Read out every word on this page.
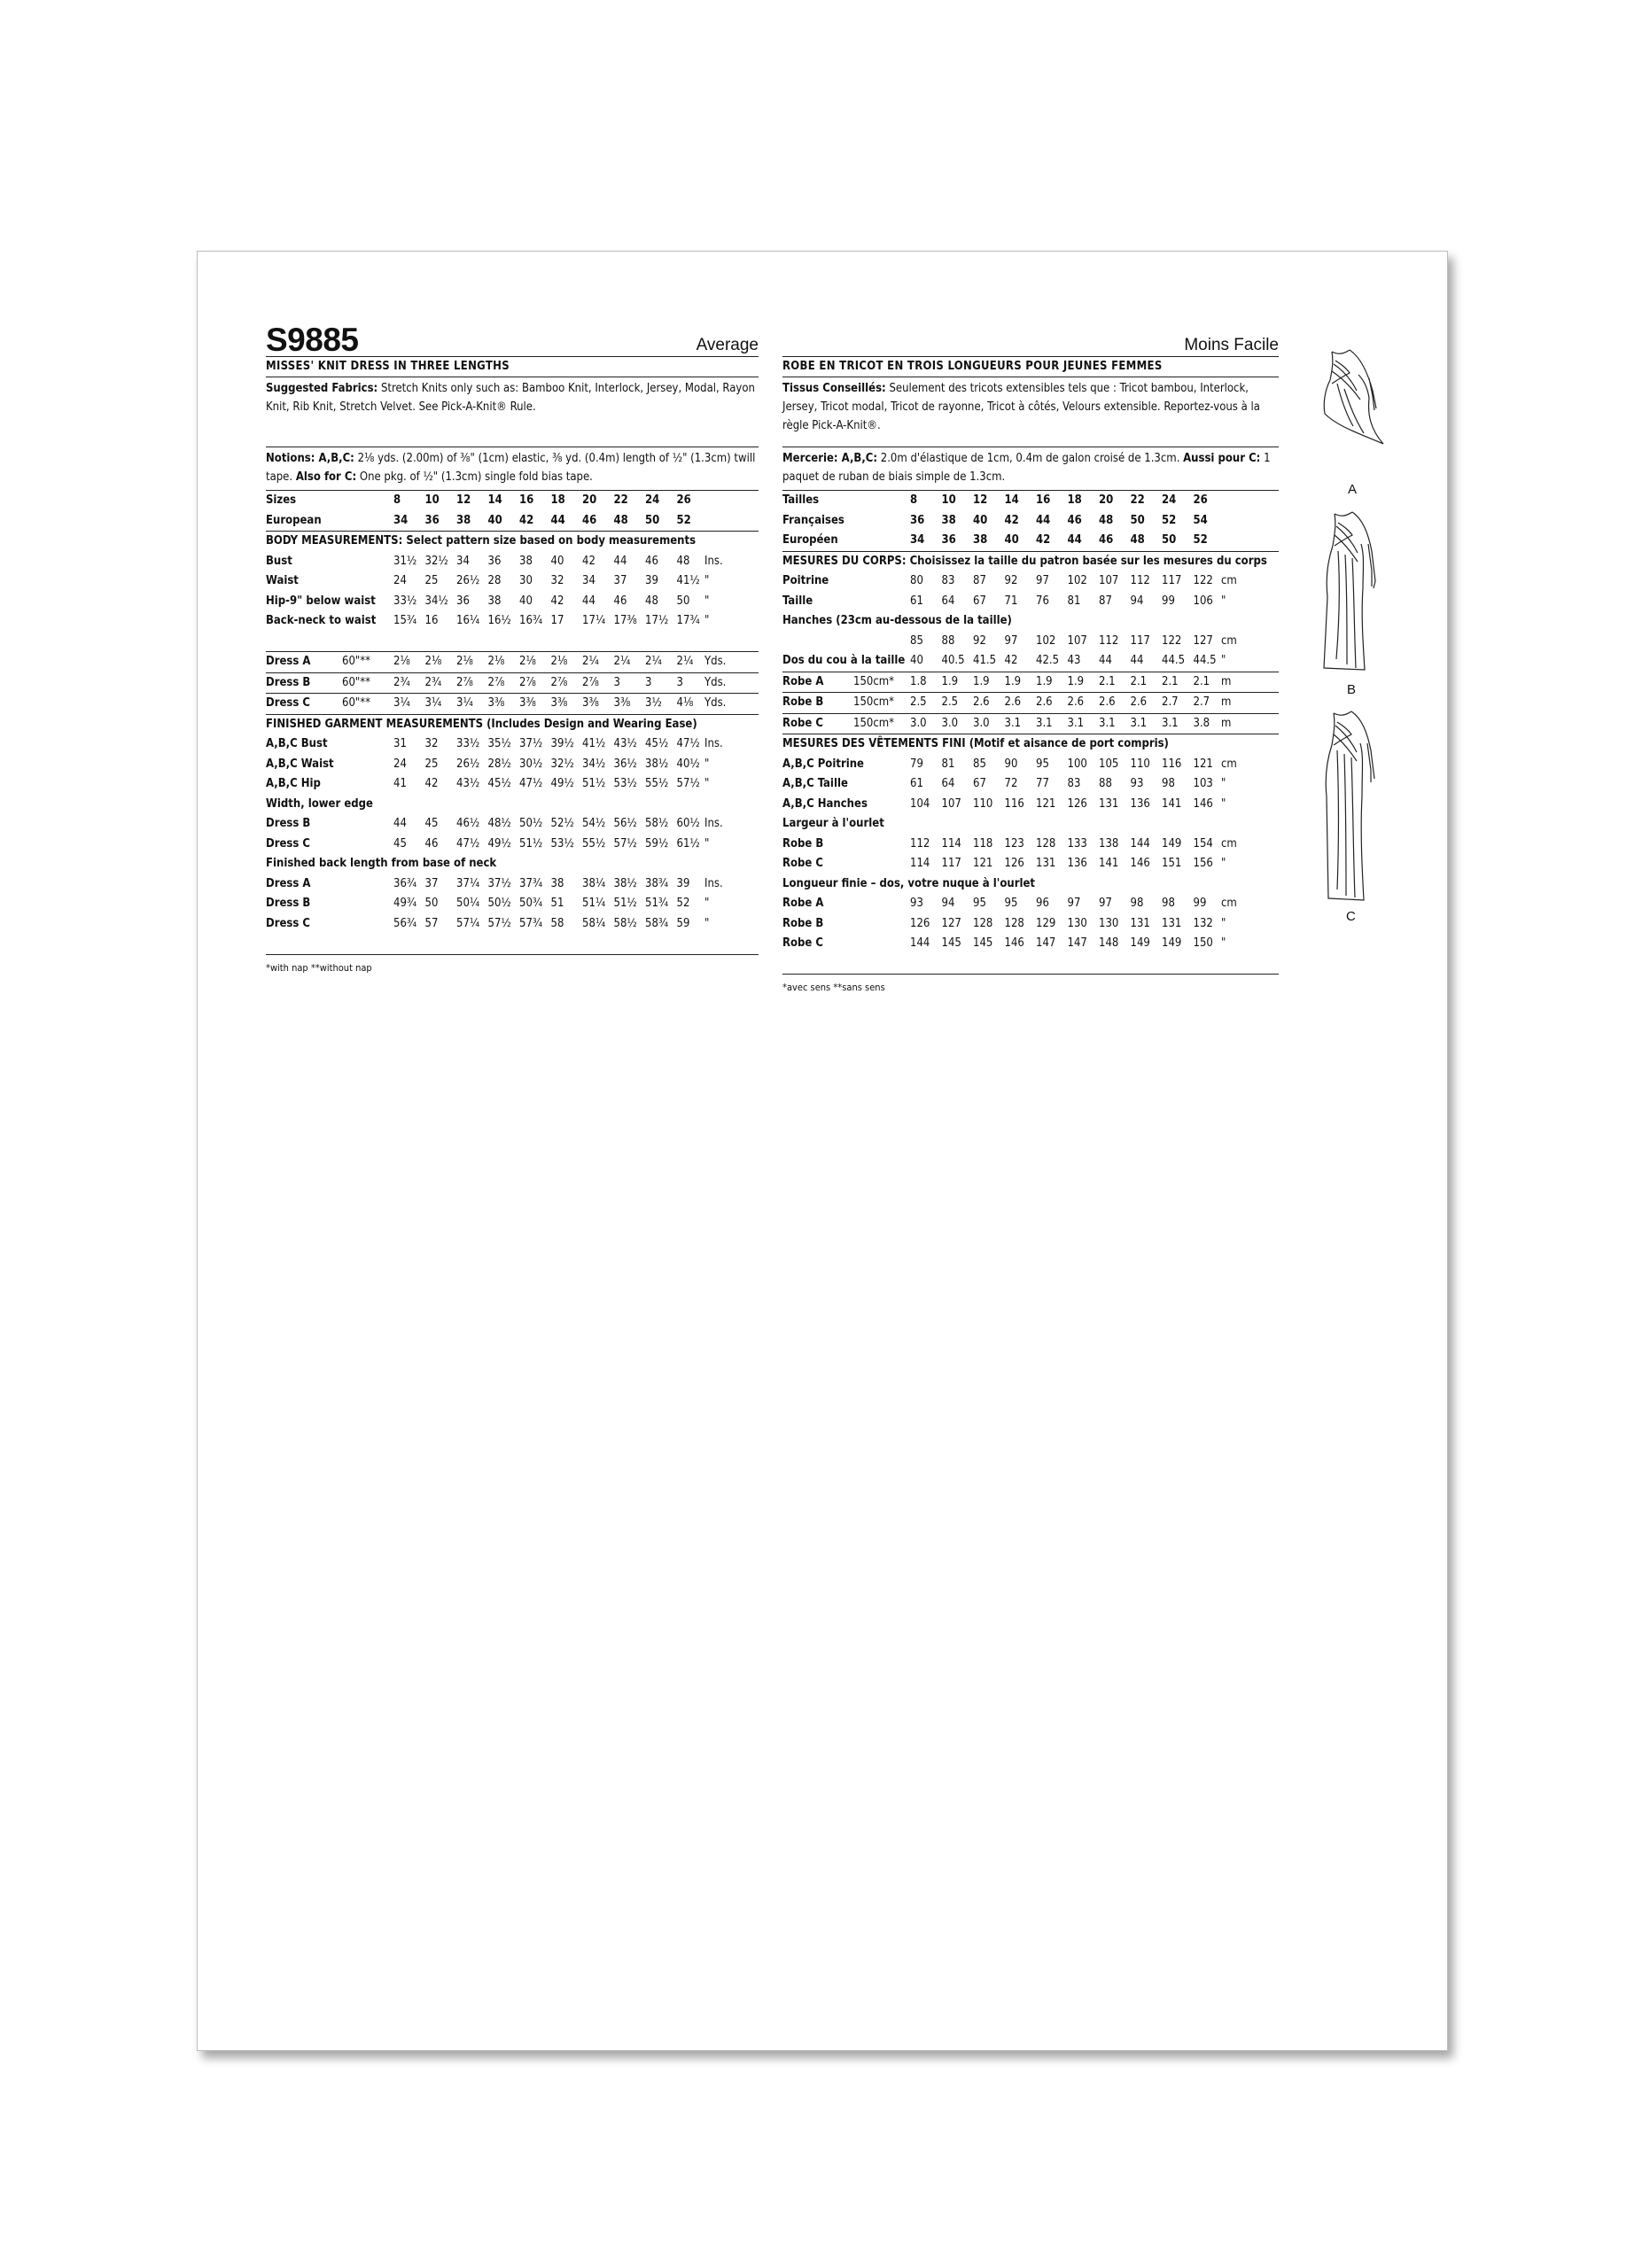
S9885	Average
MISSES' KNIT DRESS IN THREE LENGTHS
Suggested Fabrics: Stretch Knits only such as: Bamboo Knit, Interlock, Jersey, Modal, Rayon Knit, Rib Knit, Stretch Velvet. See Pick-A-Knit® Rule.
Notions: A,B,C: 2⅛ yds. (2.00m) of ⅜" (1cm) elastic, ⅜ yd. (0.4m) length of ½" (1.3cm) twill tape. Also for C: One pkg. of ½" (1.3cm) single fold bias tape.
Sizes	8 10 12 14 16 18 20 22 24 26
European	34 36 38 40 42 44 46 48 50 52
BODY MEASUREMENTS: Select pattern size based on body measurements
Bust	31½ 32½ 34 36 38 40 42 44 46 48 Ins.
Waist	24 25 26½ 28 30 32 34 37 39 41½ "
Hip-9" below waist 33½ 34½ 36 38 40 42 44 46 48 50 "
Back-neck to waist 15¾ 16 16¼ 16½ 16¾ 17 17¼ 17⅜ 17½ 17¾ "
Dress A	60"** 2⅛ 2⅛ 2⅛ 2⅛ 2⅛ 2⅛ 2¼ 2¼ 2¼ 2¼ Yds.
Dress B	60"** 2¾ 2¾ 2⅞ 2⅞ 2⅞ 2⅞ 2⅞ 3 3 3 Yds.
Dress C	60"** 3¼ 3¼ 3¼ 3⅜ 3⅜ 3⅜ 3⅜ 3⅜ 3½ 4⅛ Yds.
FINISHED GARMENT MEASUREMENTS (Includes Design and Wearing Ease)
A,B,C Bust	31 32 33½ 35½ 37½ 39½ 41½ 43½ 45½ 47½ Ins.
A,B,C Waist	24 25 26½ 28½ 30½ 32½ 34½ 36½ 38½ 40½ "
A,B,C Hip	41 42 43½ 45½ 47½ 49½ 51½ 53½ 55½ 57½ "
Width, lower edge
Dress B	44 45 46½ 48½ 50½ 52½ 54½ 56½ 58½ 60½ Ins.
Dress C	45 46 47½ 49½ 51½ 53½ 55½ 57½ 59½ 61½ "
Finished back length from base of neck
Dress A	36¾ 37 37¼ 37½ 37¾ 38 38¼ 38½ 38¾ 39 Ins.
Dress B	49¾ 50 50¼ 50½ 50¾ 51 51¼ 51½ 51¾ 52 "
Dress C	56¾ 57 57¼ 57½ 57¾ 58 58¼ 58½ 58¾ 59 "
*with nap **without nap
Moins Facile
ROBE EN TRICOT EN TROIS LONGUEURS POUR JEUNES FEMMES
Tissus Conseillés: Seulement des tricots extensibles tels que : Tricot bambou, Interlock, Jersey, Tricot modal, Tricot de rayonne, Tricot à côtés, Velours extensible. Reportez-vous à la règle Pick-A-Knit®.
Mercerie: A,B,C: 2.0m d'élastique de 1cm, 0.4m de galon croisé de 1.3cm. Aussi pour C: 1 paquet de ruban de biais simple de 1.3cm.
Tailles	8 10 12 14 16 18 20 22 24 26
Françaises	36 38 40 42 44 46 48 50 52 54
Européen	34 36 38 40 42 44 46 48 50 52
MESURES DU CORPS: Choisissez la taille du patron basée sur les mesures du corps
Poitrine	80 83 87 92 97 102 107 112 117 122 cm
Taille	61 64 67 71 76 81 87 94 99 106 "
Hanches (23cm au-dessous de la taille)
85 88 92 97 102 107 112 117 122 127 cm
Dos du cou à la taille 40 40.5 41.5 42 42.5 43 44 44 44.5 44.5 "
Robe A	150cm* 1.8 1.9 1.9 1.9 1.9 1.9 2.1 2.1 2.1 2.1 m
Robe B	150cm* 2.5 2.5 2.6 2.6 2.6 2.6 2.6 2.6 2.7 2.7 m
Robe C	150cm* 3.0 3.0 3.0 3.1 3.1 3.1 3.1 3.1 3.1 3.8 m
MESURES DES VÊTEMENTS FINI (Motif et aisance de port compris)
A,B,C Poitrine	79 81 85 90 95 100 105 110 116 121 cm
A,B,C Taille	61 64 67 72 77 83 88 93 98 103 "
A,B,C Hanches	104 107 110 116 121 126 131 136 141 146 "
Largeur à l'ourlet
Robe B	112 114 118 123 128 133 138 144 149 154 cm
Robe C	114 117 121 126 131 136 141 146 151 156 "
Longueur finie – dos, votre nuque à l'ourlet
Robe A	93 94 95 95 96 97 97 98 98 99 cm
Robe B	126 127 128 128 129 130 130 131 131 132 "
Robe C	144 145 145 146 147 147 148 149 149 150 "
*avec sens **sans sens
A
B
C
